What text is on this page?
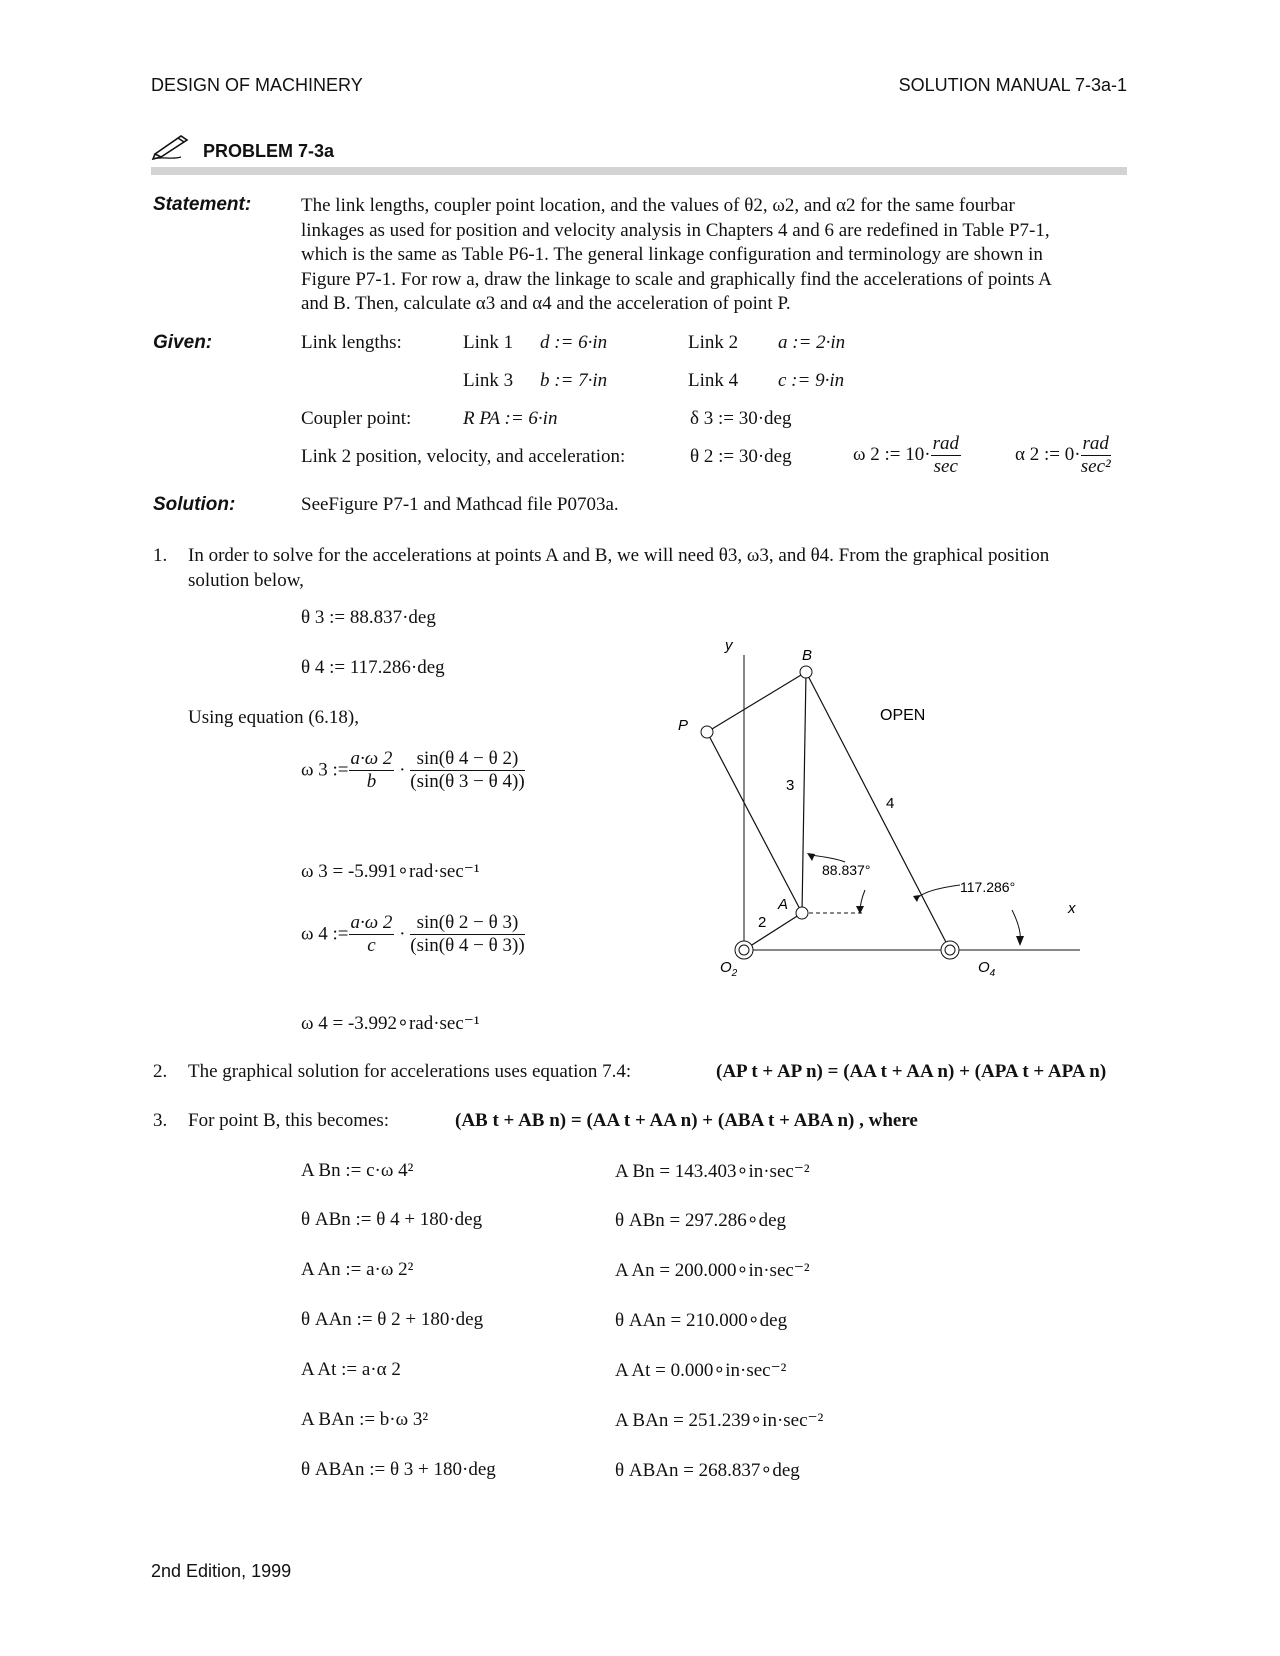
DESIGN OF MACHINERY	SOLUTION MANUAL 7-3a-1
PROBLEM 7-3a
Statement:	The link lengths, coupler point location, and the values of θ2, ω2, and α2 for the same fourbar
linkages as used for position and velocity analysis in Chapters 4 and 6 are redefined in Table P7-1,
which is the same as Table P6-1. The general linkage configuration and terminology are shown in
Figure P7-1. For row a, draw the linkage to scale and graphically find the accelerations of points A
and B. Then, calculate α3 and α4 and the acceleration of point P.
Given:	Link lengths:	Link 1 d := 6·in	Link 2 a := 2·in
Link 3 b := 7·in	Link 4 c := 9·in
Coupler point:	R PA := 6·in	δ 3 := 30·deg
Link 2 position, velocity, and acceleration:	θ 2 := 30·deg	ω 2 := $10\cdot \frac{\text{rad}}{\sec}$	α 2 := $0\cdot \frac{\text{rad}}{\text{sec²}}$
Solution:	SeeFigure P7-1 and Mathcad file P0703a.
1. In order to solve for the accelerations at points A and B, we will need θ3, ω3, and θ4. From the graphical position
solution below,
θ 3 := 88.837·deg
θ 4 := 117.286·deg
Using equation (6.18),
ω 3 := $\frac{a\cdot\omega 2}{b} \cdot \frac{\sin(\theta 4 - \theta 2)}{(\sin(\theta 3 - \theta 4))}$
ω 3 = -5.991∘rad·sec⁻¹
ω 4 := $\frac{a\cdot\omega 2}{c} \cdot \frac{\sin(\theta 2 - \theta 3)}{(\sin(\theta 4 - \theta 3))}$
ω 4 = -3.992∘rad·sec⁻¹
y
x
B
P
A
OPEN
2
3
4
88.837°
117.286°
$O_2$	$O_4$
2. The graphical solution for accelerations uses equation 7.4:	(AP t + AP n) = (AA t + AA n) + (APA t + APA n)
3. For point B, this becomes:	(AB t + AB n) = (AA t + AA n) + (ABA t + ABA n) , where
A Bn := c·ω 4²	A Bn = 143.403∘in·sec⁻²
θ ABn := θ 4 + 180·deg	θ ABn = 297.286∘deg
A An := a·ω 2²	A An = 200.000∘in·sec⁻²
θ AAn := θ 2 + 180·deg	θ AAn = 210.000∘deg
A At := a·α 2	A At = 0.000∘in·sec⁻²
A BAn := b·ω 3²	A BAn = 251.239∘in·sec⁻²
θ ABAn := θ 3 + 180·deg	θ ABAn = 268.837∘deg
2nd Edition, 1999
